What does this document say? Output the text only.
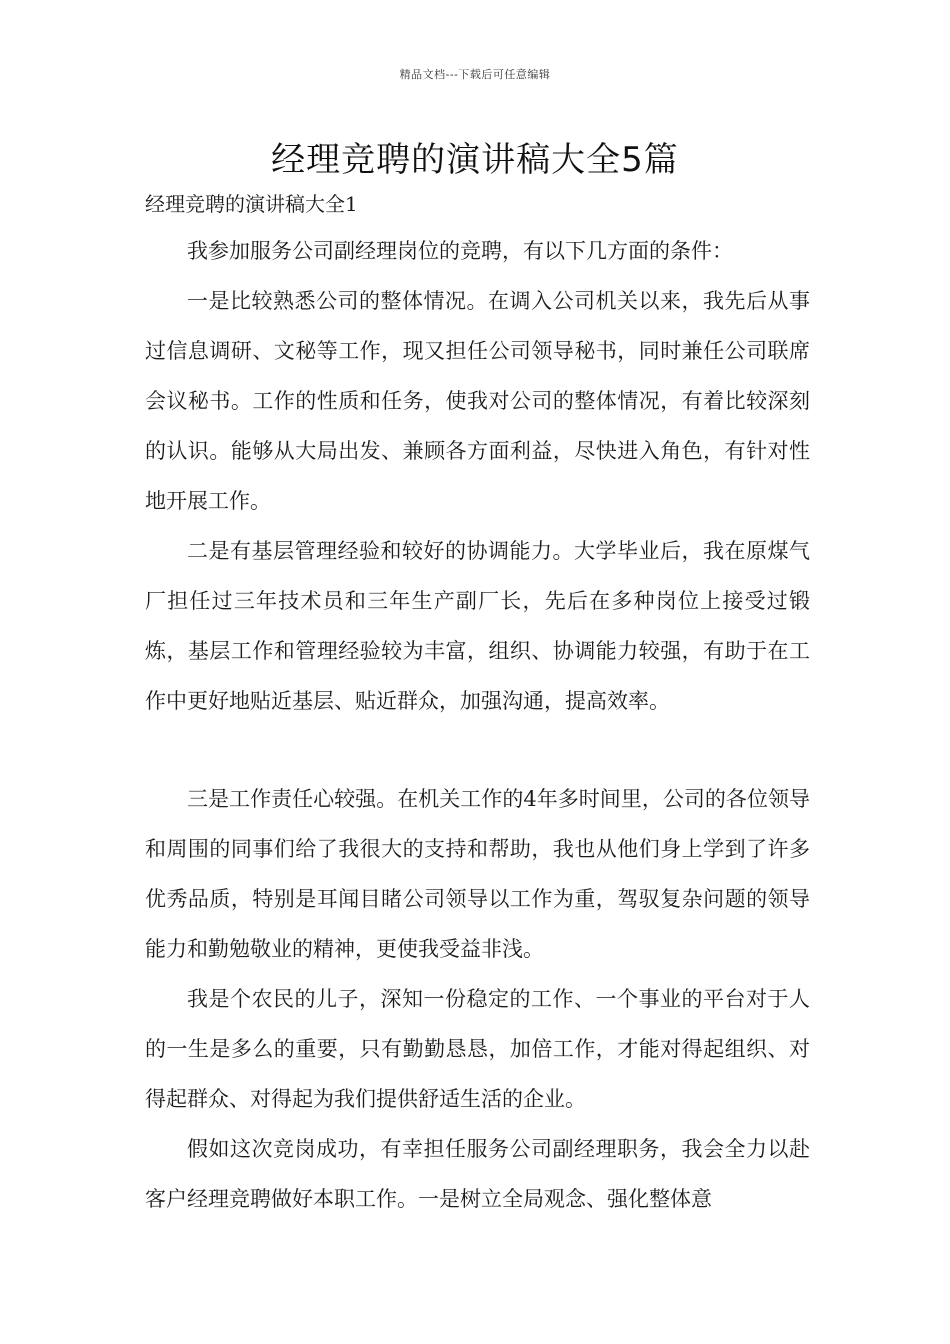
精品文档---下载后可任意编辑
经理竞聘的演讲稿大全5篇
经理竞聘的演讲稿大全1

我参加服务公司副经理岗位的竞聘，有以下几方面的条件：

一是比较熟悉公司的整体情况。在调入公司机关以来，我先后从事过信息调研、文秘等工作，现又担任公司领导秘书，同时兼任公司联席会议秘书。工作的性质和任务，使我对公司的整体情况，有着比较深刻的认识。能够从大局出发、兼顾各方面利益，尽快进入角色，有针对性地开展工作。

二是有基层管理经验和较好的协调能力。大学毕业后，我在原煤气厂担任过三年技术员和三年生产副厂长，先后在多种岗位上接受过锻炼，基层工作和管理经验较为丰富，组织、协调能力较强，有助于在工作中更好地贴近基层、贴近群众，加强沟通，提高效率。

三是工作责任心较强。在机关工作的4年多时间里，公司的各位领导和周围的同事们给了我很大的支持和帮助，我也从他们身上学到了许多优秀品质，特别是耳闻目睹公司领导以工作为重，驾驭复杂问题的领导能力和勤勉敬业的精神，更使我受益非浅。

我是个农民的儿子，深知一份稳定的工作、一个事业的平台对于人的一生是多么的重要，只有勤勤恳恳，加倍工作，才能对得起组织、对得起群众、对得起为我们提供舒适生活的企业。

假如这次竞岗成功，有幸担任服务公司副经理职务，我会全力以赴客户经理竞聘做好本职工作。一是树立全局观念、强化整体意
